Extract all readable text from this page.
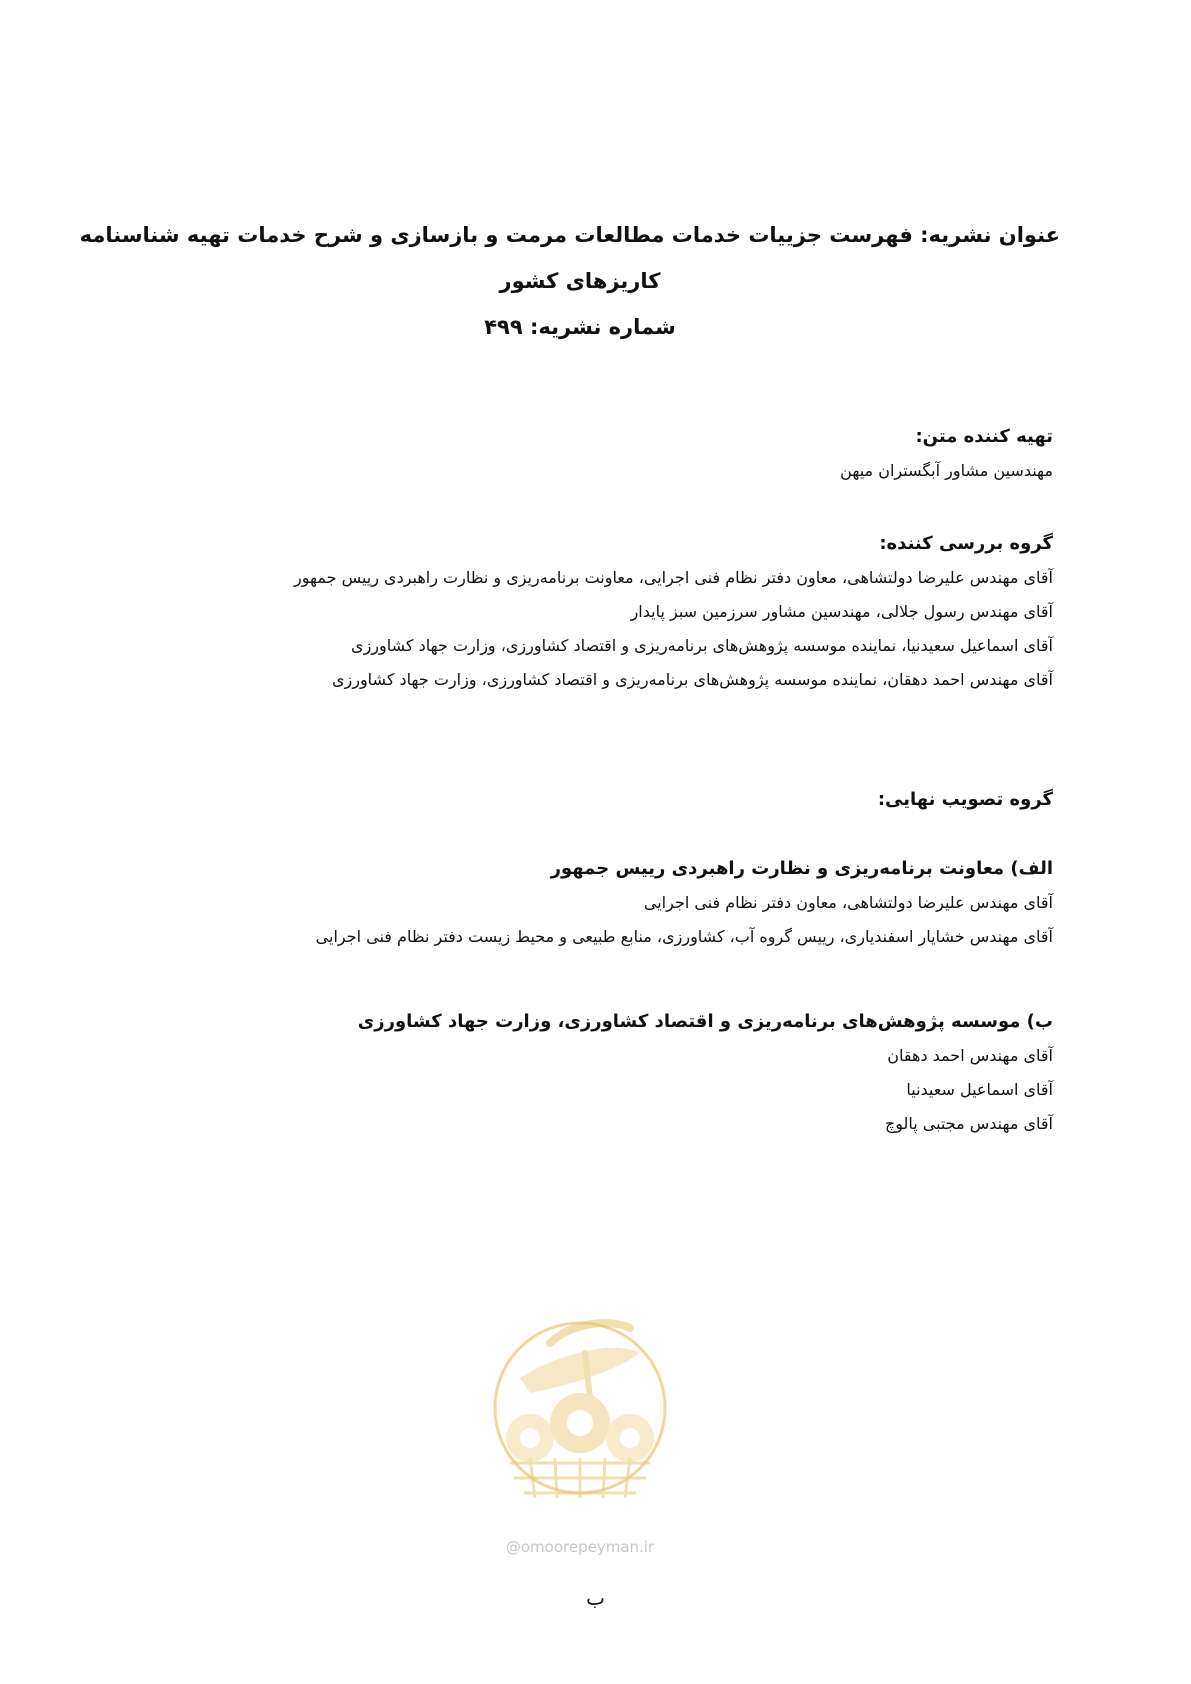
عنوان نشریه: فهرست جزییات خدمات مطالعات مرمت و بازسازی و شرح خدمات تهیه شناسنامه
کاریزهای کشور
شماره نشریه: ۴۹۹
تهیه کننده متن:
مهندسین مشاور آبگستران میهن
گروه بررسی کننده:
آقای مهندس علیرضا دولتشاهی، معاون دفتر نظام فنی اجرایی، معاونت برنامه‌ریزی و نظارت راهبردی رییس جمهور
آقای مهندس رسول جلالی، مهندسین مشاور سرزمین سبز پایدار
آقای اسماعیل سعیدنیا، نماینده موسسه پژوهش‌های برنامه‌ریزی و اقتصاد کشاورزی، وزارت جهاد کشاورزی
آقای مهندس احمد دهقان، نماینده موسسه پژوهش‌های برنامه‌ریزی و اقتصاد کشاورزی، وزارت جهاد کشاورزی
گروه تصویب نهایی:
الف) معاونت برنامه‌ریزی و نظارت راهبردی رییس جمهور
آقای مهندس علیرضا دولتشاهی، معاون دفتر نظام فنی اجرایی
آقای مهندس خشایار اسفندیاری، رییس گروه آب، کشاورزی، منابع طبیعی و محیط زیست دفتر نظام فنی اجرایی
ب) موسسه پژوهش‌های برنامه‌ریزی و اقتصاد کشاورزی، وزارت جهاد کشاورزی
آقای مهندس احمد دهقان
آقای اسماعیل سعیدنیا
آقای مهندس مجتبی پالوچ
@omoorepeyman.ir
ب
